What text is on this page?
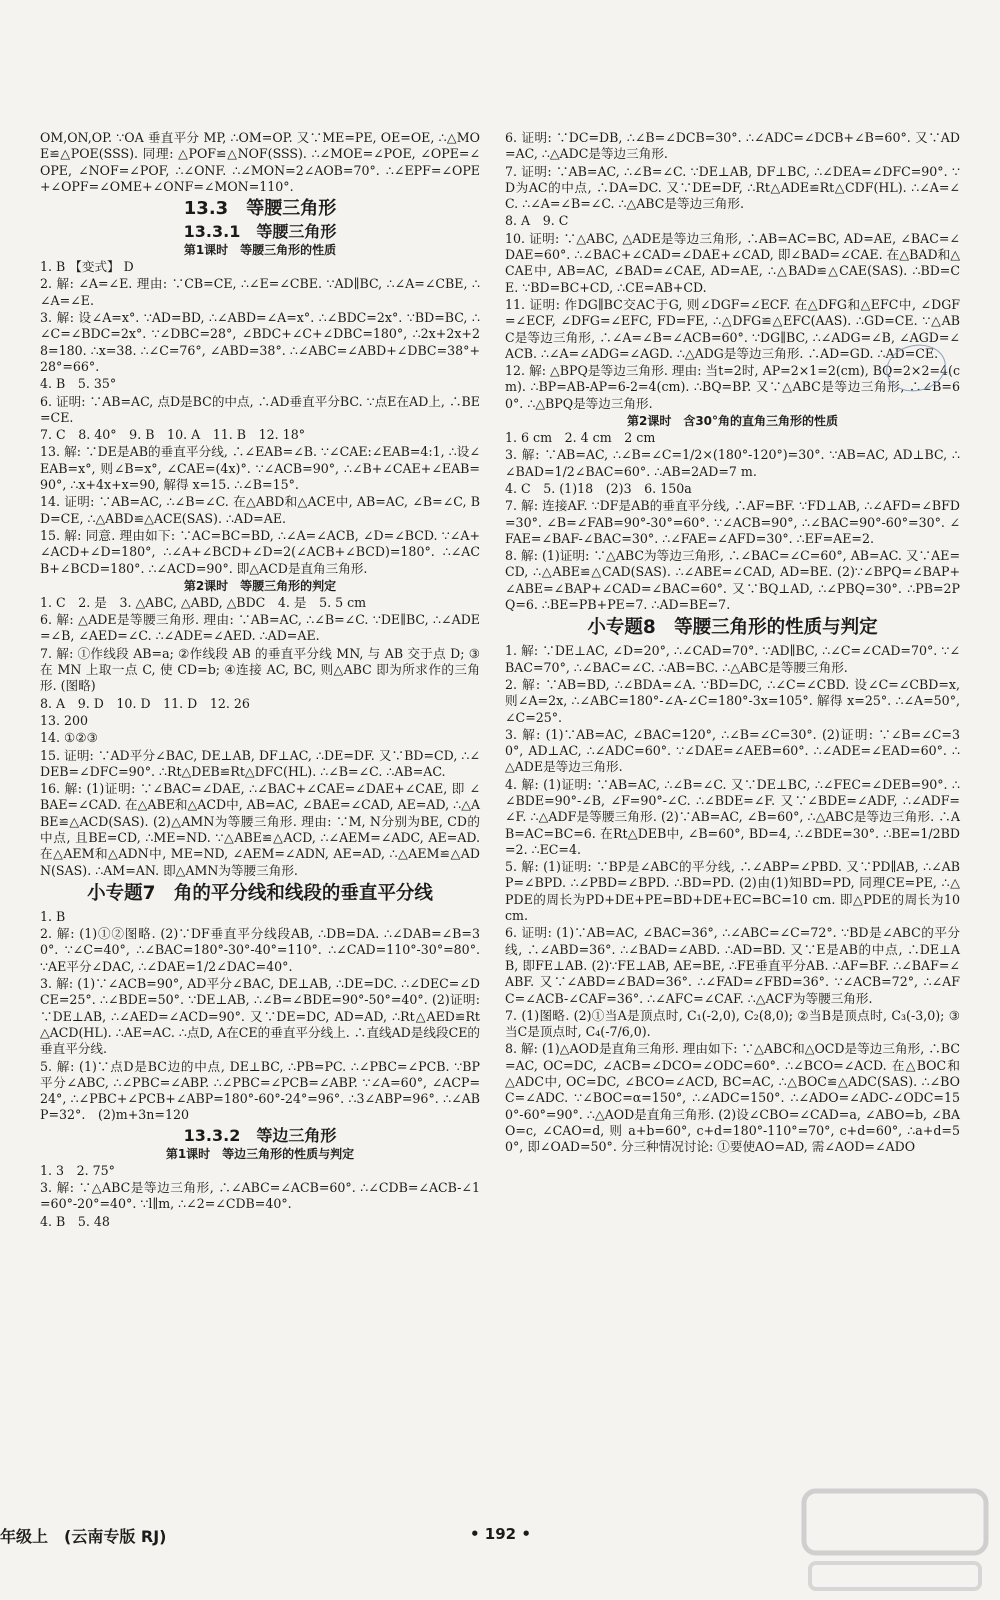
OM,ON,OP. ∵OA 垂直平分 MP, ∴OM=OP. 又∵ME=PE, OE=OE, ∴△MOE≌△POE(SSS). 同理: △POF≌△NOF(SSS). ∴∠MOE=∠POE, ∠OPE=∠OPE, ∠NOF=∠POF, ∴∠ONF. ∴∠MON=2∠AOB=70°. ∴∠EPF=∠OPE+∠OPF=∠OME+∠ONF=∠MON=110°.
13.3　等腰三角形
13.3.1　等腰三角形
第1课时　等腰三角形的性质
1. B 【变式】 D
2. 解: ∠A=∠E. 理由: ∵CB=CE, ∴∠E=∠CBE. ∵AD∥BC, ∴∠A=∠CBE, ∴∠A=∠E.
3. 解: 设∠A=x°. ∵AD=BD, ∴∠ABD=∠A=x°. ∴∠BDC=2x°. ∵BD=BC, ∴∠C=∠BDC=2x°. ∵∠DBC=28°, ∠BDC+∠C+∠DBC=180°, ∴2x+2x+28=180. ∴x=38. ∴∠C=76°, ∠ABD=38°. ∴∠ABC=∠ABD+∠DBC=38°+28°=66°.
4. B　5. 35°
6. 证明: ∵AB=AC, 点D是BC的中点, ∴AD垂直平分BC. ∵点E在AD上, ∴BE=CE.
7. C　8. 40°　9. B　10. A　11. B　12. 18°
13. 解: ∵DE是AB的垂直平分线, ∴∠EAB=∠B. ∵∠CAE:∠EAB=4:1, ∴设∠EAB=x°, 则∠B=x°, ∠CAE=(4x)°. ∵∠ACB=90°, ∴∠B+∠CAE+∠EAB=90°, ∴x+4x+x=90, 解得 x=15. ∴∠B=15°.
14. 证明: ∵AB=AC, ∴∠B=∠C. 在△ABD和△ACE中, AB=AC, ∠B=∠C, BD=CE, ∴△ABD≌△ACE(SAS). ∴AD=AE.
15. 解: 同意. 理由如下: ∵AC=BC=BD, ∴∠A=∠ACB, ∠D=∠BCD. ∵∠A+∠ACD+∠D=180°, ∴∠A+∠BCD+∠D=2(∠ACB+∠BCD)=180°. ∴∠ACB+∠BCD=180°. ∴∠ACD=90°. 即△ACD是直角三角形.
第2课时　等腰三角形的判定
1. C　2. 是　3. △ABC, △ABD, △BDC　4. 是　5. 5 cm
6. 解: △ADE是等腰三角形. 理由: ∵AB=AC, ∴∠B=∠C. ∵DE∥BC, ∴∠ADE=∠B, ∠AED=∠C. ∴∠ADE=∠AED. ∴AD=AE.
7. 解: ①作线段 AB=a; ②作线段 AB 的垂直平分线 MN, 与 AB 交于点 D; ③在 MN 上取一点 C, 使 CD=b; ④连接 AC, BC, 则△ABC 即为所求作的三角形. (图略)
8. A　9. D　10. D　11. D　12. 26
13. 200
14. ①②③
15. 证明: ∵AD平分∠BAC, DE⊥AB, DF⊥AC, ∴DE=DF. 又∵BD=CD, ∴∠DEB=∠DFC=90°. ∴Rt△DEB≌Rt△DFC(HL). ∴∠B=∠C. ∴AB=AC.
16. 解: (1)证明: ∵∠BAC=∠DAE, ∴∠BAC+∠CAE=∠DAE+∠CAE, 即 ∠BAE=∠CAD. 在△ABE和△ACD中, AB=AC, ∠BAE=∠CAD, AE=AD, ∴△ABE≌△ACD(SAS). (2)△AMN为等腰三角形. 理由: ∵M, N分别为BE, CD的中点, 且BE=CD, ∴ME=ND. ∵△ABE≌△ACD, ∴∠AEM=∠ADC, AE=AD. 在△AEM和△ADN中, ME=ND, ∠AEM=∠ADN, AE=AD, ∴△AEM≌△ADN(SAS). ∴AM=AN. 即△AMN为等腰三角形.
小专题7　角的平分线和线段的垂直平分线
1. B
2. 解: (1)①②图略. (2)∵DF垂直平分线段AB, ∴DB=DA. ∴∠DAB=∠B=30°. ∵∠C=40°, ∴∠BAC=180°-30°-40°=110°. ∴∠CAD=110°-30°=80°. ∵AE平分∠DAC, ∴∠DAE=1/2∠DAC=40°.
3. 解: (1)∵∠ACB=90°, AD平分∠BAC, DE⊥AB, ∴DE=DC. ∴∠DEC=∠DCE=25°. ∴∠BDE=50°. ∵DE⊥AB, ∴∠B=∠BDE=90°-50°=40°. (2)证明: ∵DE⊥AB, ∴∠AED=∠ACD=90°. 又∵DE=DC, AD=AD, ∴Rt△AED≌Rt△ACD(HL). ∴AE=AC. ∴点D, A在CE的垂直平分线上. ∴直线AD是线段CE的垂直平分线.
5. 解: (1)∵点D是BC边的中点, DE⊥BC, ∴PB=PC. ∴∠PBC=∠PCB. ∵BP平分∠ABC, ∴∠PBC=∠ABP. ∴∠PBC=∠PCB=∠ABP. ∵∠A=60°, ∠ACP=24°, ∴∠PBC+∠PCB+∠ABP=180°-60°-24°=96°. ∴3∠ABP=96°. ∴∠ABP=32°.　(2)m+3n=120
13.3.2　等边三角形
第1课时　等边三角形的性质与判定
1. 3　2. 75°
3. 解: ∵△ABC是等边三角形, ∴∠ABC=∠ACB=60°. ∴∠CDB=∠ACB-∠1=60°-20°=40°. ∵l∥m, ∴∠2=∠CDB=40°.
4. B　5. 48
6. 证明: ∵DC=DB, ∴∠B=∠DCB=30°. ∴∠ADC=∠DCB+∠B=60°. 又∵AD=AC, ∴△ADC是等边三角形.
7. 证明: ∵AB=AC, ∴∠B=∠C. ∵DE⊥AB, DF⊥BC, ∴∠DEA=∠DFC=90°. ∵D为AC的中点, ∴DA=DC. 又∵DE=DF, ∴Rt△ADE≌Rt△CDF(HL). ∴∠A=∠C. ∴∠A=∠B=∠C. ∴△ABC是等边三角形.
8. A　9. C
10. 证明: ∵△ABC, △ADE是等边三角形, ∴AB=AC=BC, AD=AE, ∠BAC=∠DAE=60°. ∴∠BAC+∠CAD=∠DAE+∠CAD, 即∠BAD=∠CAE. 在△BAD和△CAE中, AB=AC, ∠BAD=∠CAE, AD=AE, ∴△BAD≌△CAE(SAS). ∴BD=CE. ∵BD=BC+CD, ∴CE=AB+CD.
11. 证明: 作DG∥BC交AC于G, 则∠DGF=∠ECF. 在△DFG和△EFC中, ∠DGF=∠ECF, ∠DFG=∠EFC, FD=FE, ∴△DFG≌△EFC(AAS). ∴GD=CE. ∵△ABC是等边三角形, ∴∠A=∠B=∠ACB=60°. ∵DG∥BC, ∴∠ADG=∠B, ∠AGD=∠ACB. ∴∠A=∠ADG=∠AGD. ∴△ADG是等边三角形. ∴AD=GD. ∴AD=CE.
12. 解: △BPQ是等边三角形. 理由: 当t=2时, AP=2×1=2(cm), BQ=2×2=4(cm). ∴BP=AB-AP=6-2=4(cm). ∴BQ=BP. 又∵△ABC是等边三角形, ∴∠B=60°. ∴△BPQ是等边三角形.
第2课时　含30°角的直角三角形的性质
1. 6 cm　2. 4 cm　2 cm
3. 解: ∵AB=AC, ∴∠B=∠C=1/2×(180°-120°)=30°. ∵AB=AC, AD⊥BC, ∴∠BAD=1/2∠BAC=60°. ∴AB=2AD=7 m.
4. C　5. (1)18　(2)3　6. 150a
7. 解: 连接AF. ∵DF是AB的垂直平分线, ∴AF=BF. ∵FD⊥AB, ∴∠AFD=∠BFD=30°. ∠B=∠FAB=90°-30°=60°. ∵∠ACB=90°, ∴∠BAC=90°-60°=30°. ∠FAE=∠BAF-∠BAC=30°. ∴∠FAE=∠AFD=30°. ∴EF=AE=2.
8. 解: (1)证明: ∵△ABC为等边三角形, ∴∠BAC=∠C=60°, AB=AC. 又∵AE=CD, ∴△ABE≌△CAD(SAS). ∴∠ABE=∠CAD, AD=BE. (2)∵∠BPQ=∠BAP+∠ABE=∠BAP+∠CAD=∠BAC=60°. 又∵BQ⊥AD, ∴∠PBQ=30°. ∴PB=2PQ=6. ∴BE=PB+PE=7. ∴AD=BE=7.
小专题8　等腰三角形的性质与判定
1. 解: ∵DE⊥AC, ∠D=20°, ∴∠CAD=70°. ∵AD∥BC, ∴∠C=∠CAD=70°. ∵∠BAC=70°, ∴∠BAC=∠C. ∴AB=BC. ∴△ABC是等腰三角形.
2. 解: ∵AB=BD, ∴∠BDA=∠A. ∵BD=DC, ∴∠C=∠CBD. 设∠C=∠CBD=x, 则∠A=2x, ∴∠ABC=180°-∠A-∠C=180°-3x=105°. 解得 x=25°. ∴∠A=50°, ∠C=25°.
3. 解: (1)∵AB=AC, ∠BAC=120°, ∴∠B=∠C=30°. (2)证明: ∵∠B=∠C=30°, AD⊥AC, ∴∠ADC=60°. ∵∠DAE=∠AEB=60°. ∴∠ADE=∠EAD=60°. ∴△ADE是等边三角形.
4. 解: (1)证明: ∵AB=AC, ∴∠B=∠C. 又∵DE⊥BC, ∴∠FEC=∠DEB=90°. ∴∠BDE=90°-∠B, ∠F=90°-∠C. ∴∠BDE=∠F. 又∵∠BDE=∠ADF, ∴∠ADF=∠F. ∴△ADF是等腰三角形. (2)∵AB=AC, ∠B=60°, ∴△ABC是等边三角形. ∴AB=AC=BC=6. 在Rt△DEB中, ∠B=60°, BD=4, ∴∠BDE=30°. ∴BE=1/2BD=2. ∴EC=4.
5. 解: (1)证明: ∵BP是∠ABC的平分线, ∴∠ABP=∠PBD. 又∵PD∥AB, ∴∠ABP=∠BPD. ∴∠PBD=∠BPD. ∴BD=PD. (2)由(1)知BD=PD, 同理CE=PE, ∴△PDE的周长为PD+DE+PE=BD+DE+EC=BC=10 cm. 即△PDE的周长为10 cm.
6. 证明: (1)∵AB=AC, ∠BAC=36°, ∴∠ABC=∠C=72°. ∵BD是∠ABC的平分线, ∴∠ABD=36°. ∴∠BAD=∠ABD. ∴AD=BD. 又∵E是AB的中点, ∴DE⊥AB, 即FE⊥AB. (2)∵FE⊥AB, AE=BE, ∴FE垂直平分AB. ∴AF=BF. ∴∠BAF=∠ABF. 又∵∠ABD=∠BAD=36°. ∴∠FAD=∠FBD=36°. ∵∠ACB=72°, ∴∠AFC=∠ACB-∠CAF=36°. ∴∠AFC=∠CAF. ∴△ACF为等腰三角形.
7. (1)图略. (2)①当A是顶点时, C₁(-2,0), C₂(8,0); ②当B是顶点时, C₃(-3,0); ③当C是顶点时, C₄(-7/6,0).
8. 解: (1)△AOD是直角三角形. 理由如下: ∵△ABC和△OCD是等边三角形, ∴BC=AC, OC=DC, ∠ACB=∠DCO=∠ODC=60°. ∴∠BCO=∠ACD. 在△BOC和△ADC中, OC=DC, ∠BCO=∠ACD, BC=AC, ∴△BOC≌△ADC(SAS). ∴∠BOC=∠ADC. ∵∠BOC=α=150°, ∴∠ADC=150°. ∴∠ADO=∠ADC-∠ODC=150°-60°=90°. ∴△AOD是直角三角形. (2)设∠CBO=∠CAD=a, ∠ABO=b, ∠BAO=c, ∠CAO=d, 则 a+b=60°, c+d=180°-110°=70°, c+d=60°, ∴a+d=50°, 即∠OAD=50°. 分三种情况讨论: ①要使AO=AD, 需∠AOD=∠ADO
年级上　(云南专版 RJ)	• 192 •
